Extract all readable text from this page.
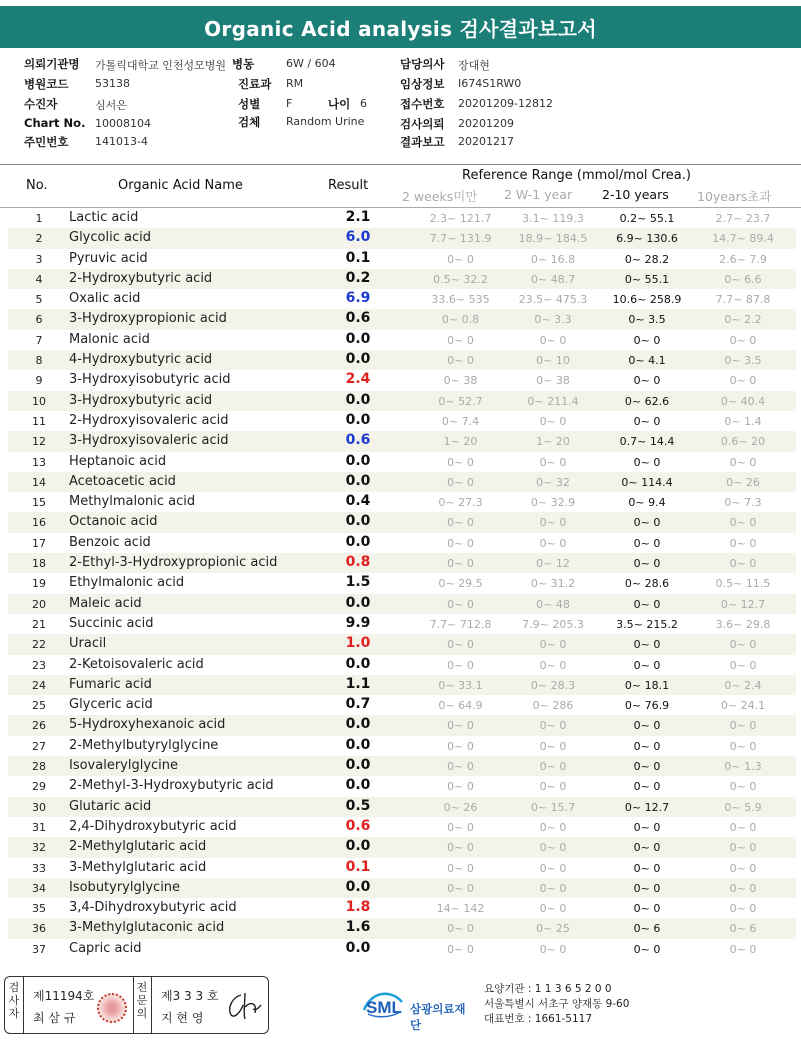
Organic Acid analysis 검사결과보고서
의뢰기관명 가톨릭대학교 인천성모병원 병동	6W / 604	담당의사 장대현
병원코드 53138	진료과 RM	임상정보 I674S1RW0
수진자	심서은	성별 F	나이 6	접수번호 20201209-12812
Chart No. 10008104	검체 Random Urine	검사의뢰 20201209
주민번호 141013-4	결과보고 20201217
No.	Organic Acid Name	Result
Reference Range (mmol/mol Crea.)
2 weeks미만 2 W-1 year 2-10 years 10years초과
1	Lactic acid	2.1	2.3~ 121.7	3.1~ 119.3	0.2~ 55.1	2.7~ 23.7
2	Glycolic acid	6.0	7.7~ 131.9	18.9~ 184.5	6.9~ 130.6	14.7~ 89.4
3	Pyruvic acid	0.1	0~ 0	0~ 16.8	0~ 28.2	2.6~ 7.9
4	2-Hydroxybutyric acid	0.2	0.5~ 32.2	0~ 48.7	0~ 55.1	0~ 6.6
5	Oxalic acid	6.9	33.6~ 535	23.5~ 475.3	10.6~ 258.9	7.7~ 87.8
6	3-Hydroxypropionic acid	0.6	0~ 0.8	0~ 3.3	0~ 3.5	0~ 2.2
7	Malonic acid	0.0	0~ 0	0~ 0	0~ 0	0~ 0
8	4-Hydroxybutyric acid	0.0	0~ 0	0~ 10	0~ 4.1	0~ 3.5
9	3-Hydroxyisobutyric acid	2.4	0~ 38	0~ 38	0~ 0	0~ 0
10	3-Hydroxybutyric acid	0.0	0~ 52.7	0~ 211.4	0~ 62.6	0~ 40.4
11	2-Hydroxyisovaleric acid	0.0	0~ 7.4	0~ 0	0~ 0	0~ 1.4
12	3-Hydroxyisovaleric acid	0.6	1~ 20	1~ 20	0.7~ 14.4	0.6~ 20
13	Heptanoic acid	0.0	0~ 0	0~ 0	0~ 0	0~ 0
14	Acetoacetic acid	0.0	0~ 0	0~ 32	0~ 114.4	0~ 26
15	Methylmalonic acid	0.4	0~ 27.3	0~ 32.9	0~ 9.4	0~ 7.3
16	Octanoic acid	0.0	0~ 0	0~ 0	0~ 0	0~ 0
17	Benzoic acid	0.0	0~ 0	0~ 0	0~ 0	0~ 0
18	2-Ethyl-3-Hydroxypropionic acid	0.8	0~ 0	0~ 12	0~ 0	0~ 0
19	Ethylmalonic acid	1.5	0~ 29.5	0~ 31.2	0~ 28.6	0.5~ 11.5
20	Maleic acid	0.0	0~ 0	0~ 48	0~ 0	0~ 12.7
21	Succinic acid	9.9	7.7~ 712.8	7.9~ 205.3	3.5~ 215.2	3.6~ 29.8
22	Uracil	1.0	0~ 0	0~ 0	0~ 0	0~ 0
23	2-Ketoisovaleric acid	0.0	0~ 0	0~ 0	0~ 0	0~ 0
24	Fumaric acid	1.1	0~ 33.1	0~ 28.3	0~ 18.1	0~ 2.4
25	Glyceric acid	0.7	0~ 64.9	0~ 286	0~ 76.9	0~ 24.1
26	5-Hydroxyhexanoic acid	0.0	0~ 0	0~ 0	0~ 0	0~ 0
27	2-Methylbutyrylglycine	0.0	0~ 0	0~ 0	0~ 0	0~ 0
28	Isovalerylglycine	0.0	0~ 0	0~ 0	0~ 0	0~ 1.3
29	2-Methyl-3-Hydroxybutyric acid	0.0	0~ 0	0~ 0	0~ 0	0~ 0
30	Glutaric acid	0.5	0~ 26	0~ 15.7	0~ 12.7	0~ 5.9
31	2,4-Dihydroxybutyric acid	0.6	0~ 0	0~ 0	0~ 0	0~ 0
32	2-Methylglutaric acid	0.0	0~ 0	0~ 0	0~ 0	0~ 0
33	3-Methylglutaric acid	0.1	0~ 0	0~ 0	0~ 0	0~ 0
34	Isobutyrylglycine	0.0	0~ 0	0~ 0	0~ 0	0~ 0
35	3,4-Dihydroxybutyric acid	1.8	14~ 142	0~ 0	0~ 0	0~ 0
36	3-Methylglutaconic acid	1.6	0~ 0	0~ 25	0~ 6	0~ 6
37	Capric acid	0.0	0~ 0	0~ 0	0~ 0	0~ 0
검사자
제11194호
최 삼 규
전문의
제3 3 3 호
지 현 영
SML 삼광의료재단
요양기관 : 1 1 3 6 5 2 0 0
서울특별시 서초구 양재동 9-60
대표번호 : 1661-5117
